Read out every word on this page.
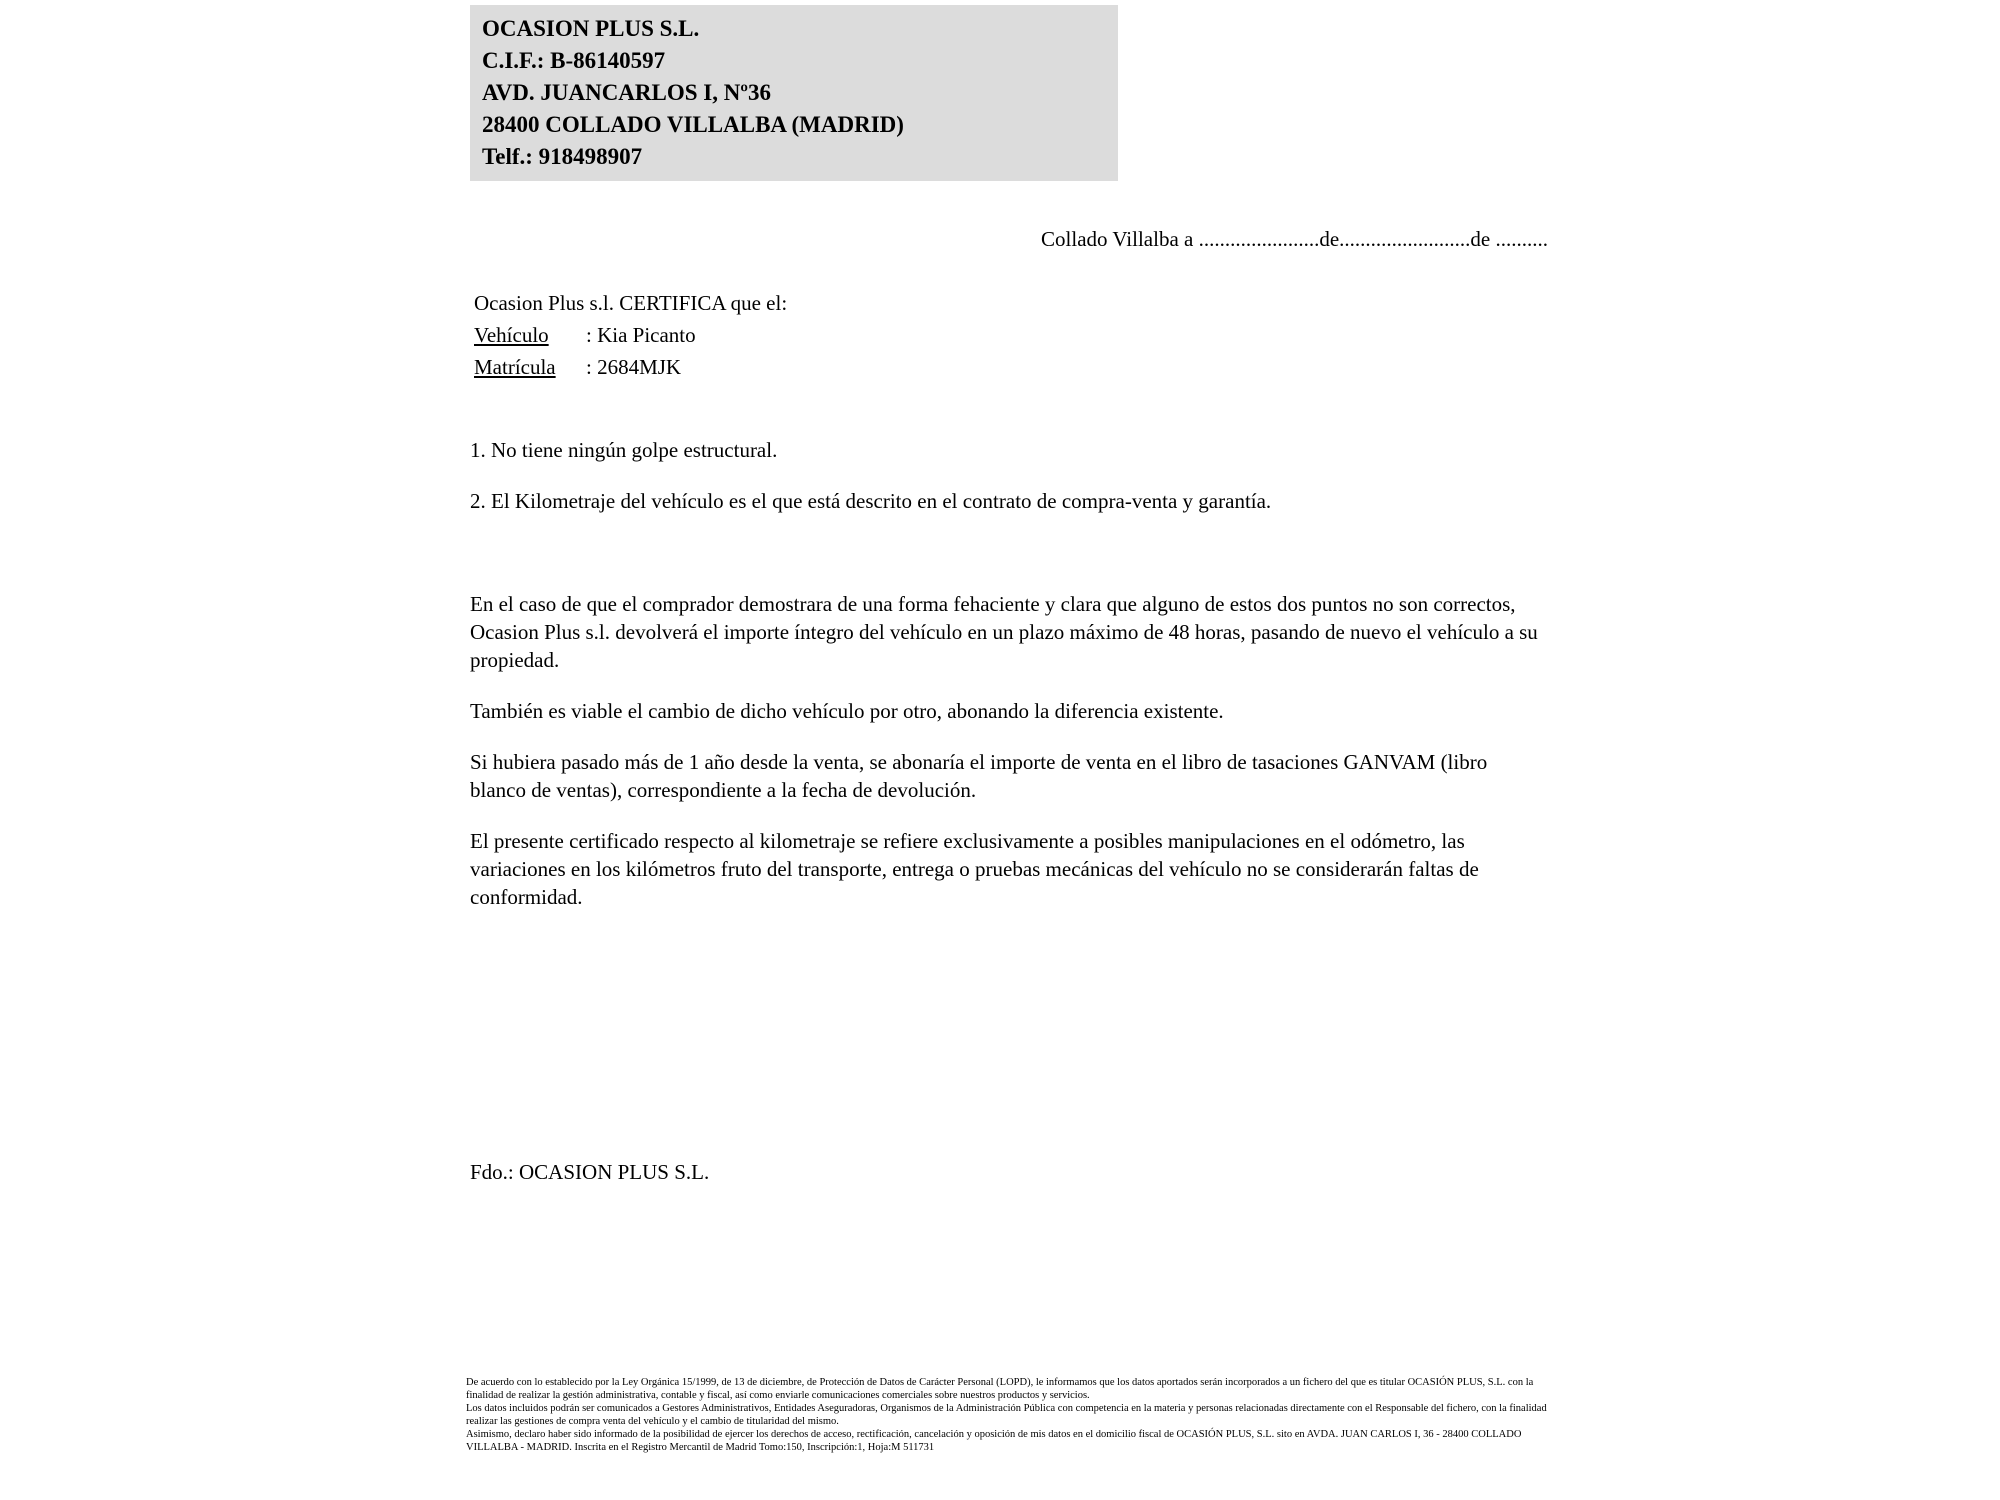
OCASION PLUS S.L.
C.I.F.: B-86140597
AVD. JUANCARLOS I, Nº36
28400 COLLADO VILLALBA (MADRID)
Telf.: 918498907
Collado Villalba a .......................de.........................de ..........
Ocasion Plus s.l. CERTIFICA que el:
Vehículo : Kia Picanto
Matrícula : 2684MJK

1. No tiene ningún golpe estructural.

2. El Kilometraje del vehículo es el que está descrito en el contrato de compra-venta y garantía.

En el caso de que el comprador demostrara de una forma fehaciente y clara que alguno de estos dos puntos no son correctos, Ocasion Plus s.l. devolverá el importe íntegro del vehículo en un plazo máximo de 48 horas, pasando de nuevo el vehículo a su propiedad.

También es viable el cambio de dicho vehículo por otro, abonando la diferencia existente.

Si hubiera pasado más de 1 año desde la venta, se abonaría el importe de venta en el libro de tasaciones GANVAM (libro blanco de ventas), correspondiente a la fecha de devolución.

El presente certificado respecto al kilometraje se refiere exclusivamente a posibles manipulaciones en el odómetro, las variaciones en los kilómetros fruto del transporte, entrega o pruebas mecánicas del vehículo no se considerarán faltas de conformidad.

Fdo.: OCASION PLUS S.L.
De acuerdo con lo establecido por la Ley Orgánica 15/1999, de 13 de diciembre, de Protección de Datos de Carácter Personal (LOPD), le informamos que los datos aportados serán incorporados a un fichero del que es titular OCASIÓN PLUS, S.L. con la finalidad de realizar la gestión administrativa, contable y fiscal, así como enviarle comunicaciones comerciales sobre nuestros productos y servicios.
Los datos incluidos podrán ser comunicados a Gestores Administrativos, Entidades Aseguradoras, Organismos de la Administración Pública con competencia en la materia y personas relacionadas directamente con el Responsable del fichero, con la finalidad realizar las gestiones de compra venta del vehículo y el cambio de titularidad del mismo.
Asimismo, declaro haber sido informado de la posibilidad de ejercer los derechos de acceso, rectificación, cancelación y oposición de mis datos en el domicilio fiscal de OCASIÓN PLUS, S.L. sito en AVDA. JUAN CARLOS I, 36 - 28400 COLLADO VILLALBA - MADRID. Inscrita en el Registro Mercantil de Madrid Tomo:150, Inscripción:1, Hoja:M 511731
